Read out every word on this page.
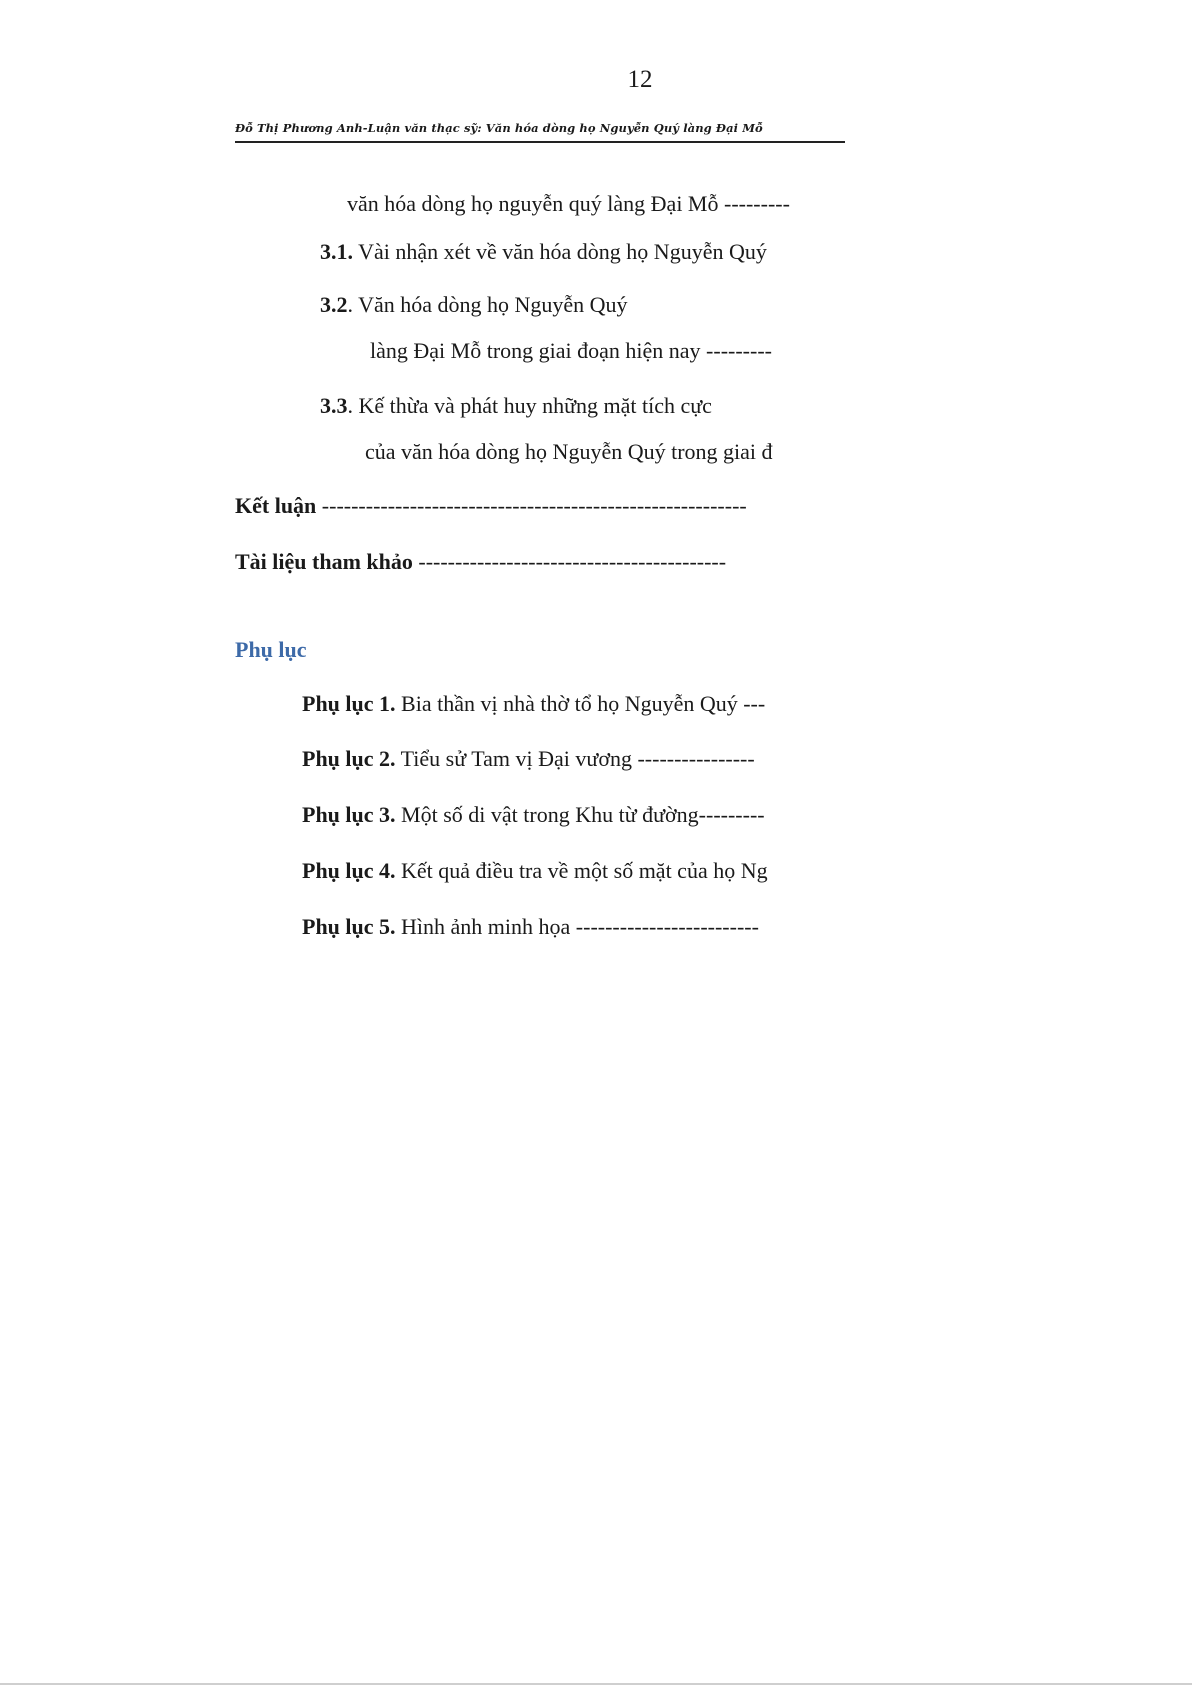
12
Đỗ Thị Phương Anh-Luận văn thạc sỹ: Văn hóa dòng họ Nguyễn Quý làng Đại Mỗ
văn hóa dòng họ nguyễn quý làng Đại Mỗ ---------
3.1. Vài nhận xét về văn hóa dòng họ Nguyễn Quý
3.2. Văn hóa dòng họ Nguyễn Quý
làng Đại Mỗ trong giai đoạn hiện nay ---------
3.3. Kế thừa và phát huy những mặt tích cực
của văn hóa dòng họ Nguyễn Quý trong giai đ
Kết luận ----------------------------------------------------------
Tài liệu tham khảo ------------------------------------------
Phụ lục
Phụ lục 1. Bia thần vị nhà thờ tổ họ Nguyễn Quý ---
Phụ lục 2. Tiểu sử Tam vị Đại vương ----------------
Phụ lục 3. Một số di vật trong Khu từ đường---------
Phụ lục 4. Kết quả điều tra về một số mặt của họ Ng
Phụ lục 5. Hình ảnh minh họa -------------------------
